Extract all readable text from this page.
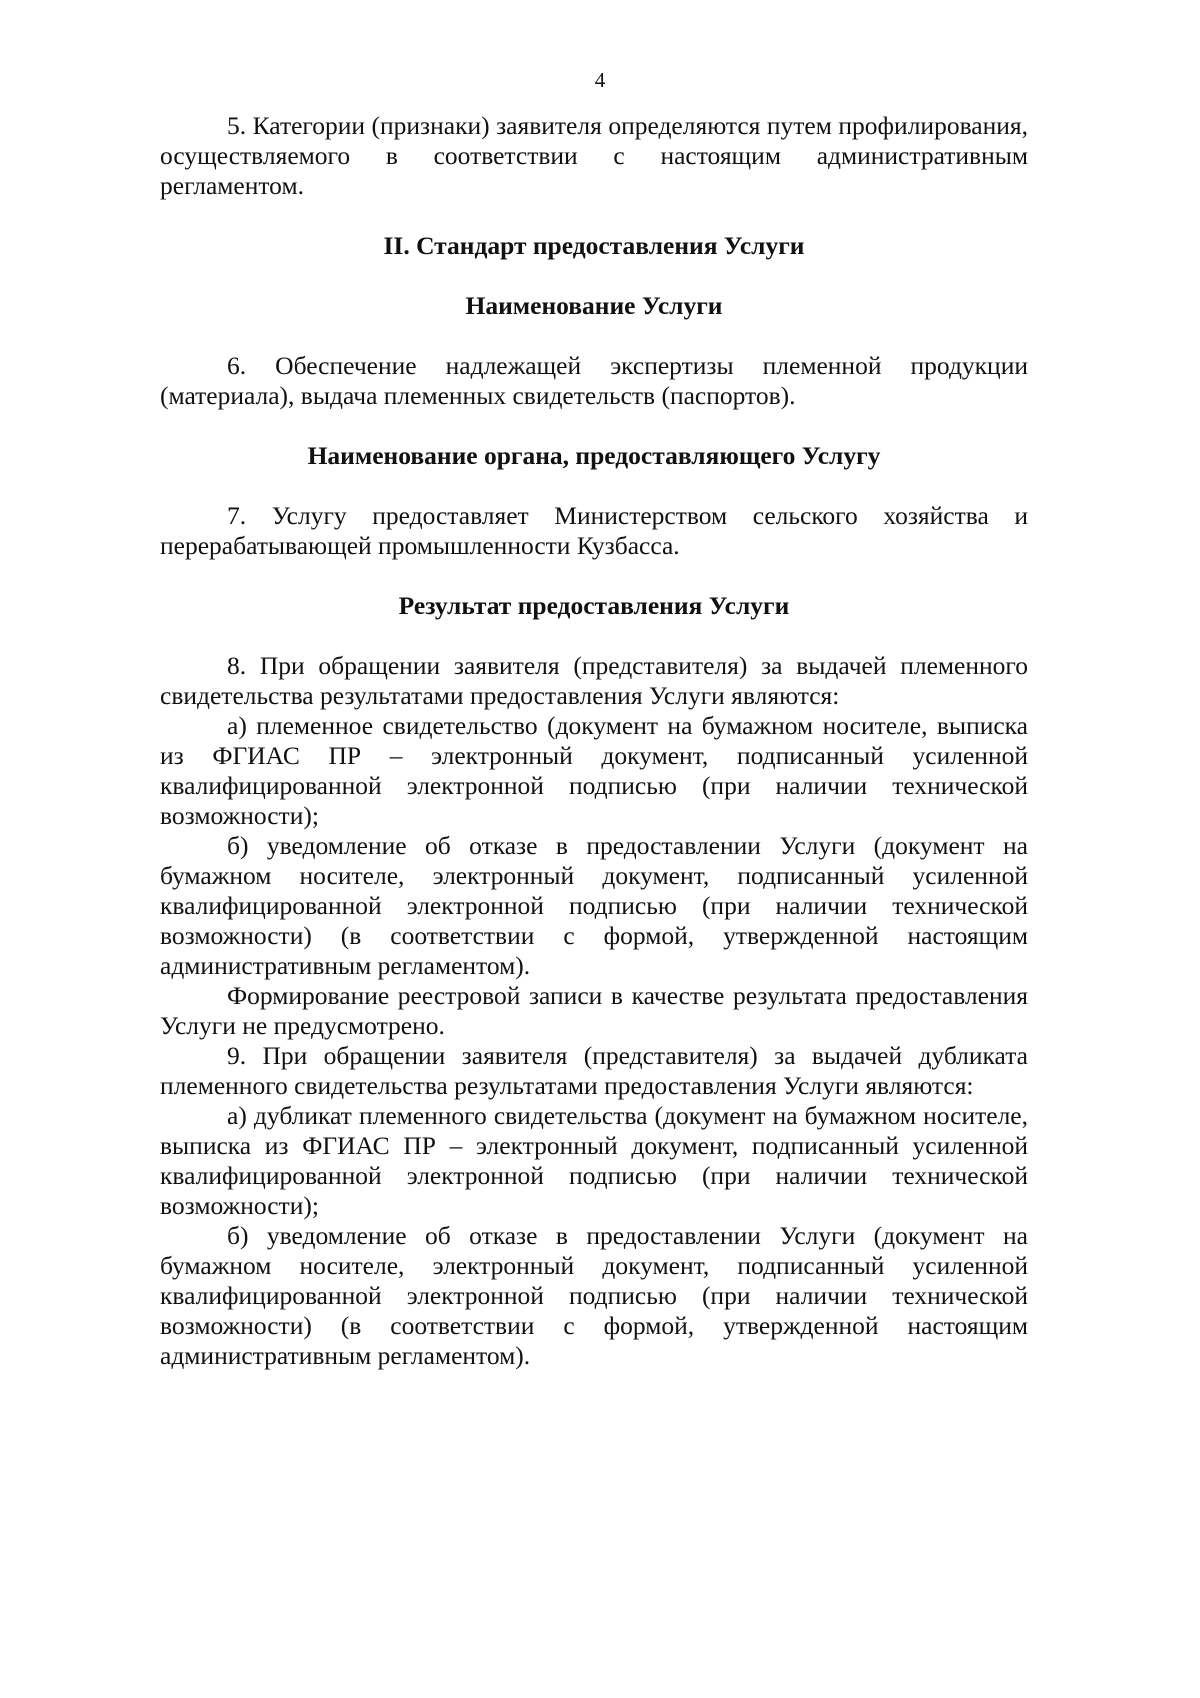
4

5. Категории (признаки) заявителя определяются путем профилирования, осуществляемого в соответствии с настоящим административным регламентом.

II. Стандарт предоставления Услуги
Наименование Услуги

6. Обеспечение надлежащей экспертизы племенной продукции (материала), выдача племенных свидетельств (паспортов).

Наименование органа, предоставляющего Услугу

7. Услугу предоставляет Министерством сельского хозяйства и перерабатывающей промышленности Кузбасса.

Результат предоставления Услуги

8. При обращении заявителя (представителя) за выдачей племенного свидетельства результатами предоставления Услуги являются:

а) племенное свидетельство (документ на бумажном носителе, выписка из ФГИАС ПР – электронный документ, подписанный усиленной квалифицированной электронной подписью (при наличии технической возможности);

б) уведомление об отказе в предоставлении Услуги (документ на бумажном носителе, электронный документ, подписанный усиленной квалифицированной электронной подписью (при наличии технической возможности) (в соответствии с формой, утвержденной настоящим административным регламентом).

Формирование реестровой записи в качестве результата предоставления Услуги не предусмотрено.

9. При обращении заявителя (представителя) за выдачей дубликата племенного свидетельства результатами предоставления Услуги являются:

а) дубликат племенного свидетельства (документ на бумажном носителе, выписка из ФГИАС ПР – электронный документ, подписанный усиленной квалифицированной электронной подписью (при наличии технической возможности);

б) уведомление об отказе в предоставлении Услуги (документ на бумажном носителе, электронный документ, подписанный усиленной квалифицированной электронной подписью (при наличии технической возможности) (в соответствии с формой, утвержденной настоящим административным регламентом).
